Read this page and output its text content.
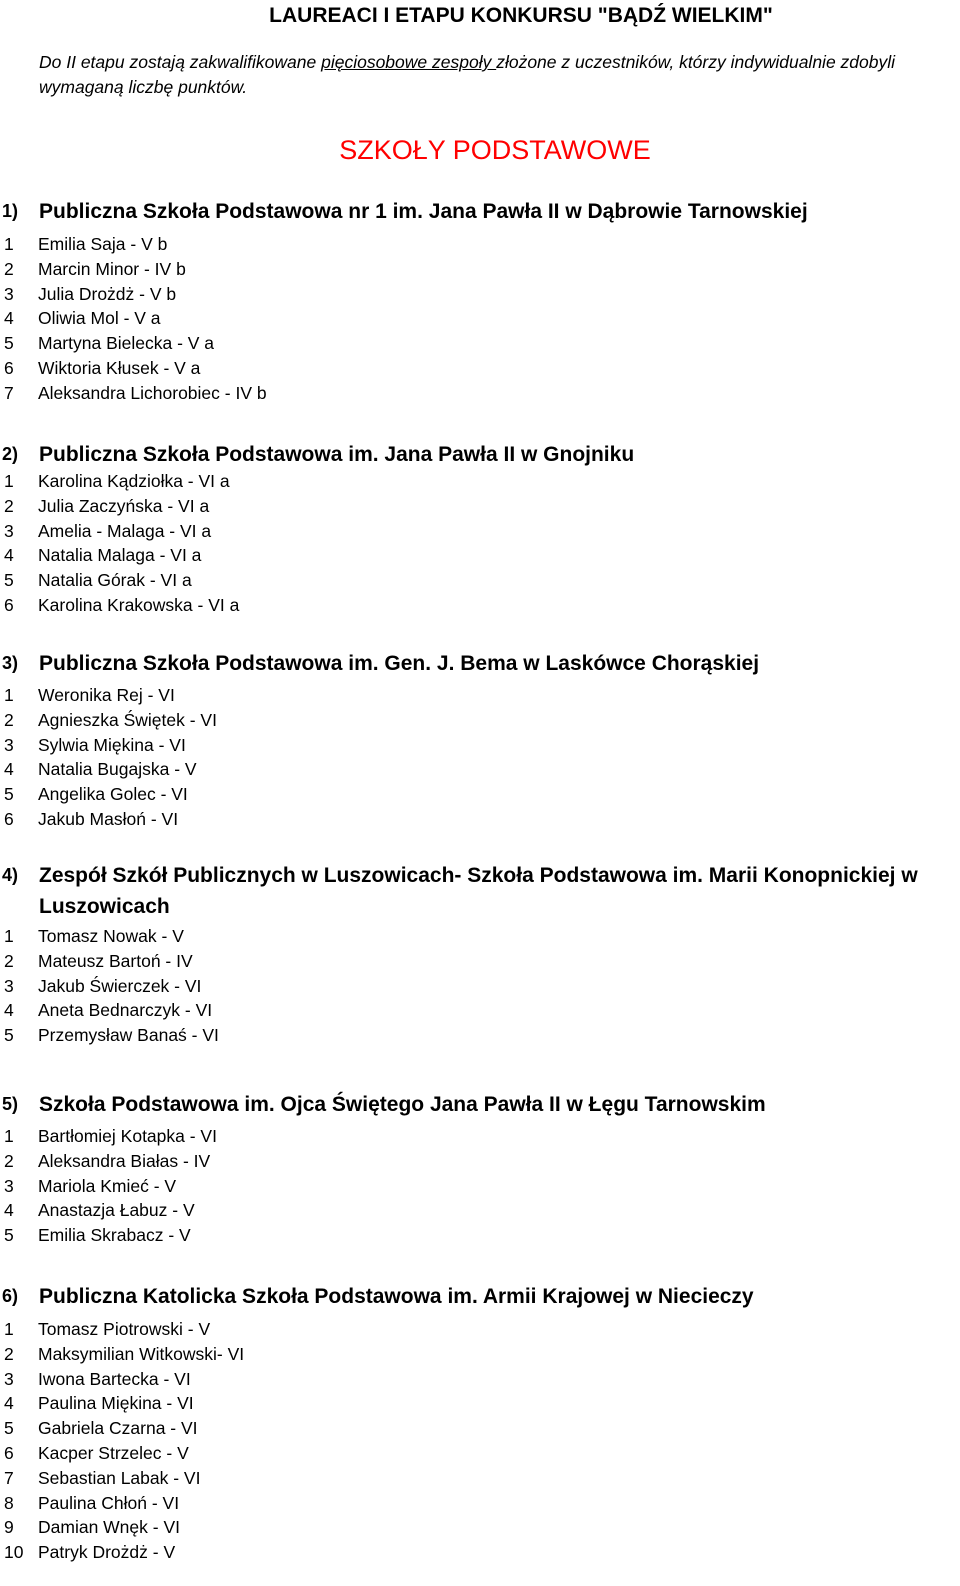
LAUREACI I ETAPU KONKURSU "BĄDŹ WIELKIM"
Do II etapu zostają zakwalifikowane pięciosobowe zespoły złożone z uczestników, którzy indywidualnie zdobyli wymaganą liczbę punktów.
SZKOŁY PODSTAWOWE
1) Publiczna Szkoła Podstawowa nr 1 im. Jana Pawła II w Dąbrowie Tarnowskiej
1 Emilia Saja - V b
2 Marcin Minor - IV b
3 Julia Drożdż - V b
4 Oliwia Mol - V a
5 Martyna Bielecka - V a
6 Wiktoria Kłusek - V a
7 Aleksandra Lichorobiec - IV b
2) Publiczna Szkoła Podstawowa im. Jana Pawła II w Gnojniku
1 Karolina Kądziołka - VI a
2 Julia Zaczyńska - VI a
3 Amelia - Malaga - VI a
4 Natalia Malaga - VI a
5 Natalia Górak - VI a
6 Karolina Krakowska - VI a
3) Publiczna Szkoła Podstawowa im. Gen. J. Bema w Laskówce Chorąskiej
1 Weronika Rej - VI
2 Agnieszka Świętek - VI
3 Sylwia Miękina - VI
4 Natalia Bugajska - V
5 Angelika Golec - VI
6 Jakub Masłoń - VI
4) Zespół Szkół Publicznych w Luszowicach- Szkoła Podstawowa im. Marii Konopnickiej w Luszowicach
1 Tomasz Nowak - V
2 Mateusz Bartoń - IV
3 Jakub Świerczek - VI
4 Aneta Bednarczyk - VI
5 Przemysław Banaś - VI
5) Szkoła Podstawowa im. Ojca Świętego Jana Pawła II w Łęgu Tarnowskim
1 Bartłomiej Kotapka - VI
2 Aleksandra Białas - IV
3 Mariola Kmieć - V
4 Anastazja Łabuz - V
5 Emilia Skrabacz - V
6) Publiczna Katolicka Szkoła Podstawowa im. Armii Krajowej w Niecieczy
1 Tomasz Piotrowski - V
2 Maksymilian Witkowski- VI
3 Iwona Bartecka - VI
4 Paulina Miękina - VI
5 Gabriela Czarna - VI
6 Kacper Strzelec - V
7 Sebastian Labak - VI
8 Paulina Chłoń - VI
9 Damian Wnęk - VI
10 Patryk Drożdż - V
